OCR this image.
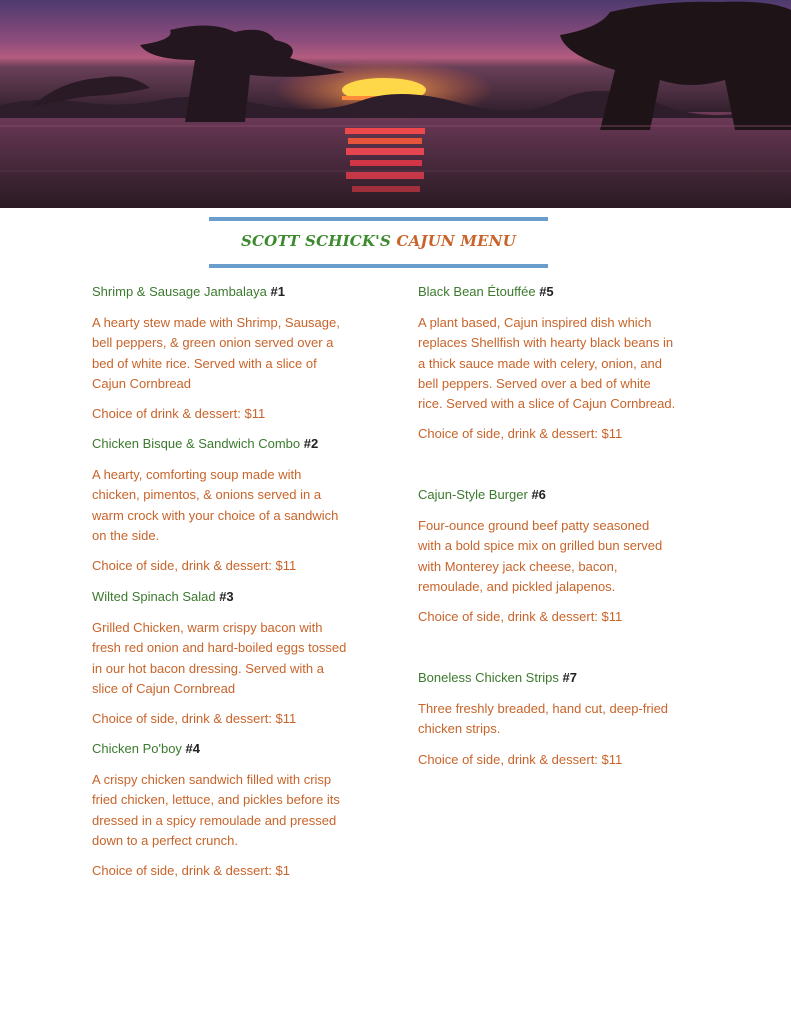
SCOTT SCHICK'S CAJUN MENU
Shrimp & Sausage Jambalaya #1
A hearty stew made with Shrimp, Sausage,
bell peppers, & green onion served over a
bed of white rice. Served with a slice of
Cajun Cornbread
Choice of drink & dessert: $11
Chicken Bisque & Sandwich Combo #2
A hearty, comforting soup made with
chicken, pimentos, & onions served in a
warm crock with your choice of a sandwich
on the side.
Choice of side, drink & dessert: $11
Wilted Spinach Salad #3
Grilled Chicken, warm crispy bacon with
fresh red onion and hard-boiled eggs tossed
in our hot bacon dressing. Served with a
slice of Cajun Cornbread
Choice of side, drink & dessert: $11
Chicken Po'boy #4
A crispy chicken sandwich filled with crisp
fried chicken, lettuce, and pickles before its
dressed in a spicy remoulade and pressed
down to a perfect crunch.
Choice of side, drink & dessert: $1
Black Bean Étouffée #5
A plant based, Cajun inspired dish which
replaces Shellfish with hearty black beans in
a thick sauce made with celery, onion, and
bell peppers. Served over a bed of white
rice. Served with a slice of Cajun Cornbread.
Choice of side, drink & dessert: $11
Cajun-Style Burger #6
Four-ounce ground beef patty seasoned
with a bold spice mix on grilled bun served
with Monterey jack cheese, bacon,
remoulade, and pickled jalapenos.
Choice of side, drink & dessert: $11
Boneless Chicken Strips #7
Three freshly breaded, hand cut, deep-fried
chicken strips.
Choice of side, drink & dessert: $11
